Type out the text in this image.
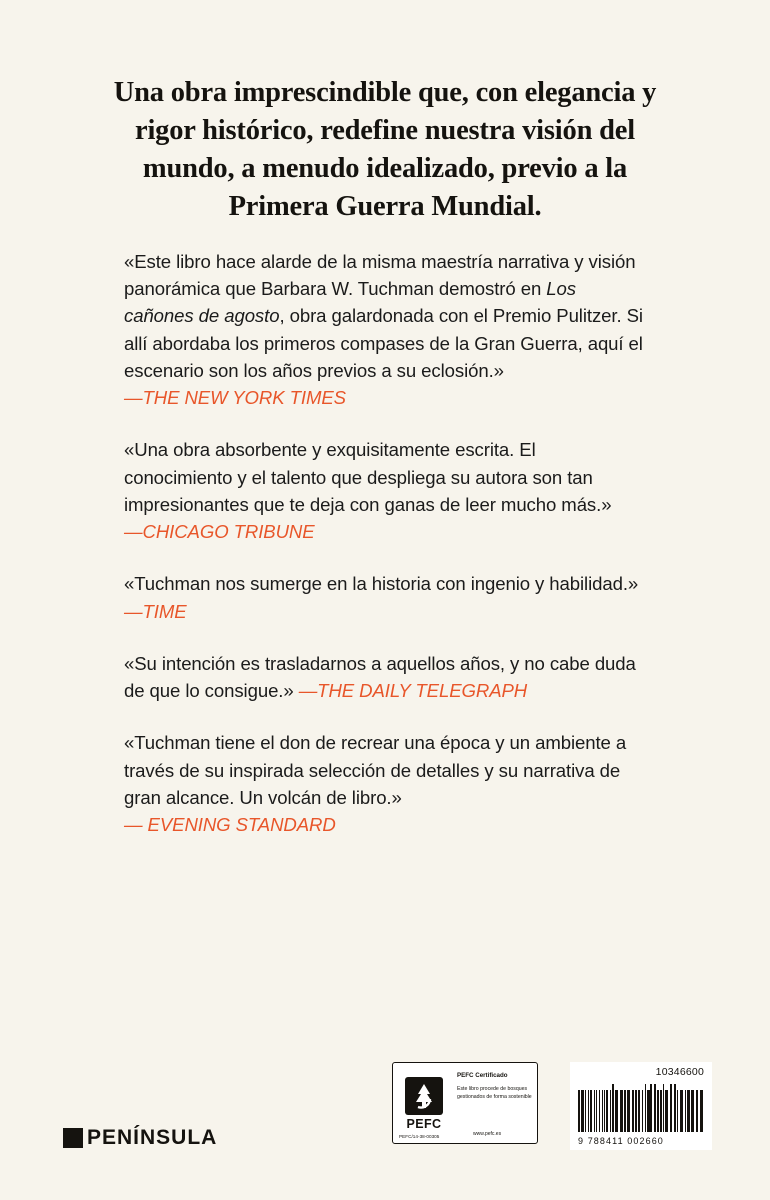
Una obra imprescindible que, con elegancia y rigor histórico, redefine nuestra visión del mundo, a menudo idealizado, previo a la Primera Guerra Mundial.
«Este libro hace alarde de la misma maestría narrativa y visión panorámica que Barbara W. Tuchman demostró en Los cañones de agosto, obra galardonada con el Premio Pulitzer. Si allí abordaba los primeros compases de la Gran Guerra, aquí el escenario son los años previos a su eclosión.» —THE NEW YORK TIMES
«Una obra absorbente y exquisitamente escrita. El conocimiento y el talento que despliega su autora son tan impresionantes que te deja con ganas de leer mucho más.»
—CHICAGO TRIBUNE
«Tuchman nos sumerge en la historia con ingenio y habilidad.» —TIME
«Su intención es trasladarnos a aquellos años, y no cabe duda de que lo consigue.» —THE DAILY TELEGRAPH
«Tuchman tiene el don de recrear una época y un ambiente a través de su inspirada selección de detalles y su narrativa de gran alcance. Un volcán de libro.»
— EVENING STANDARD
PENÍNSULA
PEFC
PEFC Certificado
Este libro procede de bosques gestionados de forma sostenible
PEFC/14-38-00305	www.pefc.es
10346600
9 788411 002660
